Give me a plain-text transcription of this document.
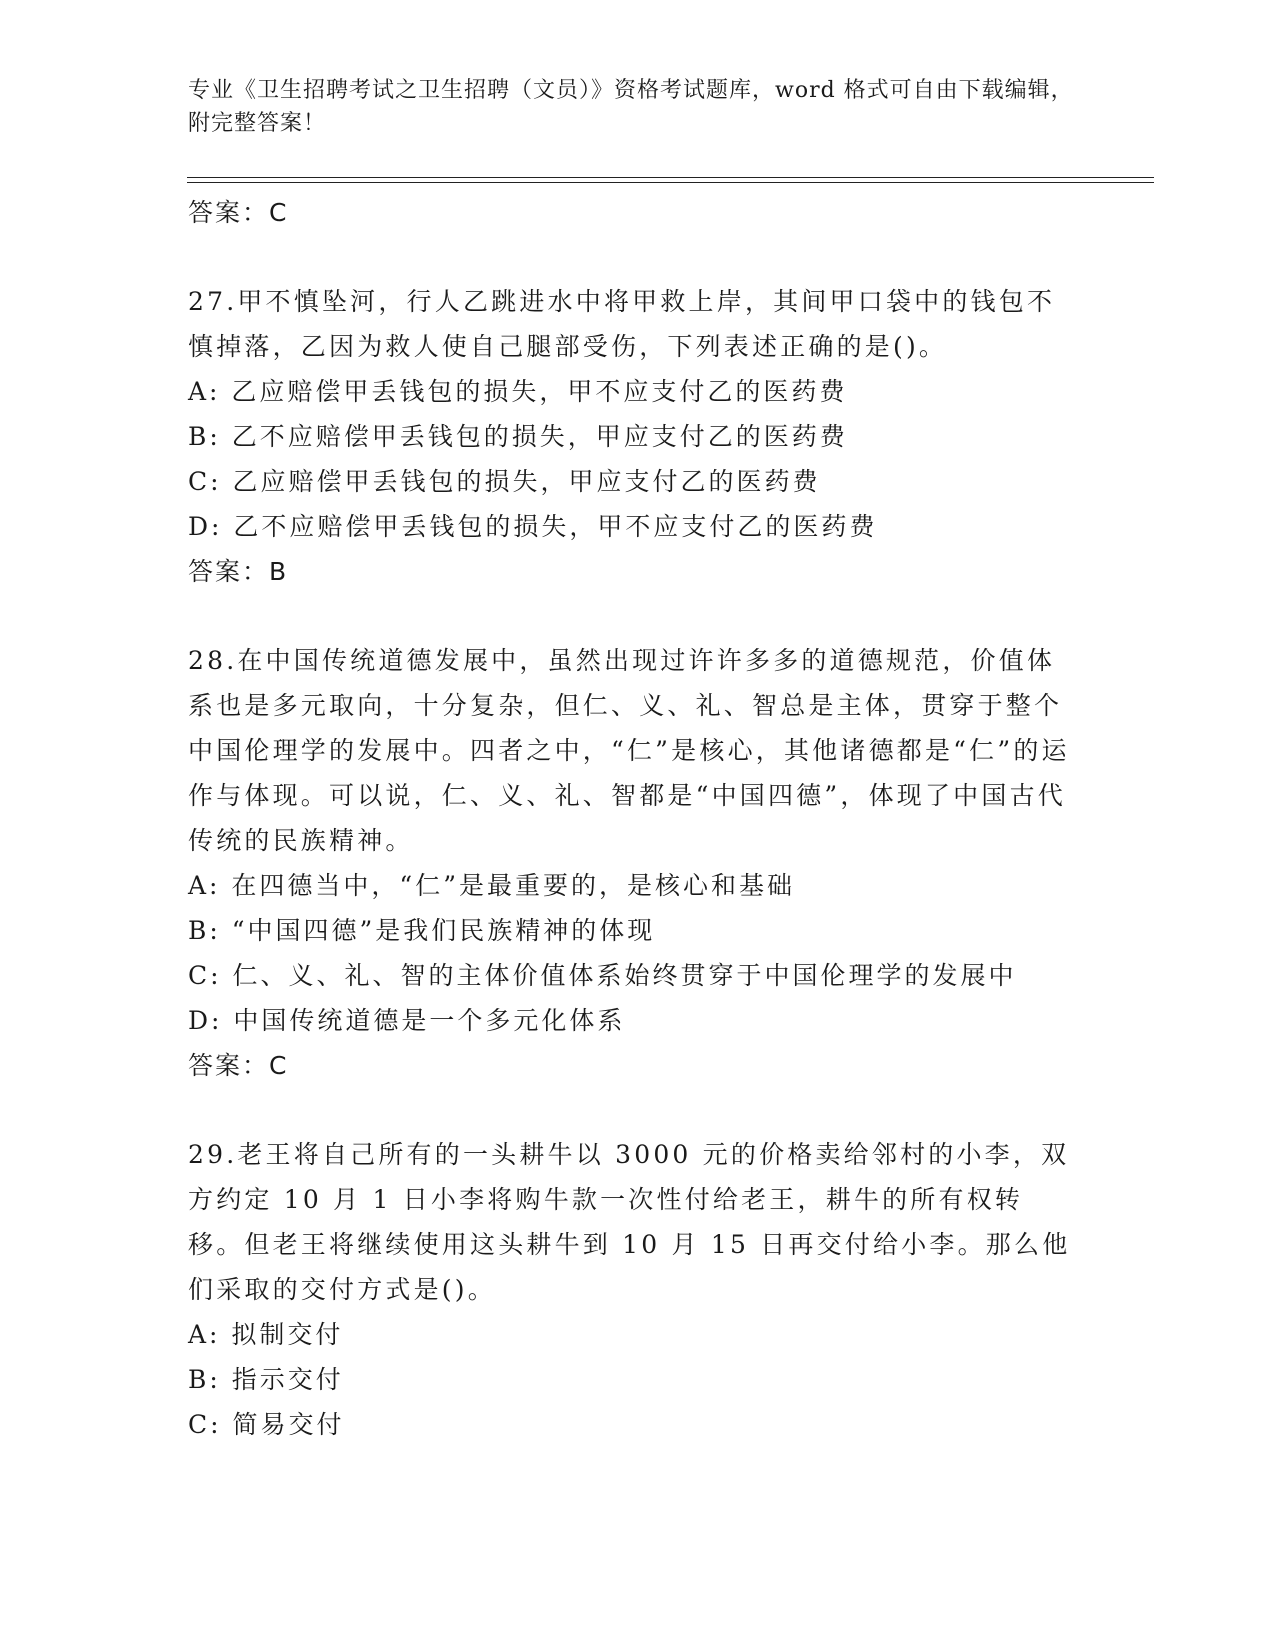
专业《卫生招聘考试之卫生招聘（文员）》资格考试题库，word 格式可自由下载编辑，附完整答案！
答案：C
27.甲不慎坠河，行人乙跳进水中将甲救上岸，其间甲口袋中的钱包不慎掉落，乙因为救人使自己腿部受伤，下列表述正确的是()。
A: 乙应赔偿甲丢钱包的损失，甲不应支付乙的医药费
B: 乙不应赔偿甲丢钱包的损失，甲应支付乙的医药费
C: 乙应赔偿甲丢钱包的损失，甲应支付乙的医药费
D: 乙不应赔偿甲丢钱包的损失，甲不应支付乙的医药费
答案：B
28.在中国传统道德发展中，虽然出现过许许多多的道德规范，价值体系也是多元取向，十分复杂，但仁、义、礼、智总是主体，贯穿于整个中国伦理学的发展中。四者之中，“仁”是核心，其他诸德都是“仁”的运作与体现。可以说，仁、义、礼、智都是“中国四德”，体现了中国古代传统的民族精神。
A: 在四德当中，“仁”是最重要的，是核心和基础
B: “中国四德”是我们民族精神的体现
C: 仁、义、礼、智的主体价值体系始终贯穿于中国伦理学的发展中
D: 中国传统道德是一个多元化体系
答案：C
29.老王将自己所有的一头耕牛以 3000 元的价格卖给邻村的小李，双方约定 10 月 1 日小李将购牛款一次性付给老王，耕牛的所有权转移。但老王将继续使用这头耕牛到 10 月 15 日再交付给小李。那么他们采取的交付方式是()。
A: 拟制交付
B: 指示交付
C: 简易交付
